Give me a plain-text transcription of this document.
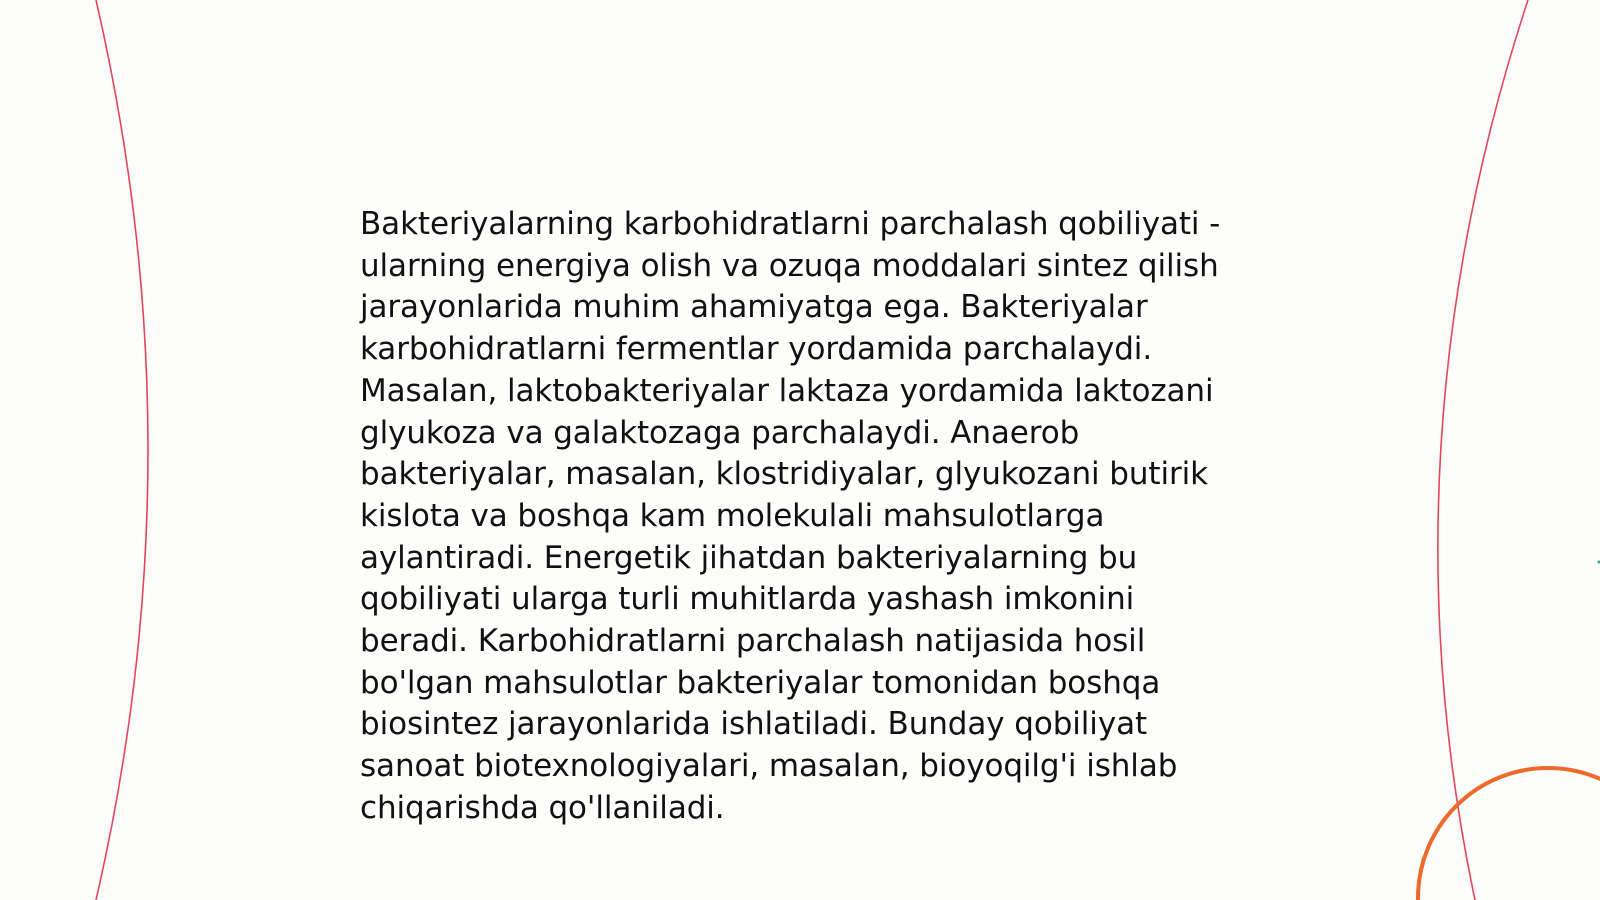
Bakteriyalarning karbohidratlarni parchalash qobiliyati - ularning energiya olish va ozuqa moddalari sintez qilish jarayonlarida muhim ahamiyatga ega. Bakteriyalar karbohidratlarni fermentlar yordamida parchalaydi. Masalan, laktobakteriyalar laktaza yordamida laktozani glyukoza va galaktozaga parchalaydi. Anaerob bakteriyalar, masalan, klostridiyalar, glyukozani butirik kislota va boshqa kam molekulali mahsulotlarga aylantiradi. Energetik jihatdan bakteriyalarning bu qobiliyati ularga turli muhitlarda yashash imkonini beradi. Karbohidratlarni parchalash natijasida hosil bo'lgan mahsulotlar bakteriyalar tomonidan boshqa biosintez jarayonlarida ishlatiladi. Bunday qobiliyat sanoat biotexnologiyalari, masalan, bioyoqilg'i ishlab chiqarishda qo'llaniladi.
